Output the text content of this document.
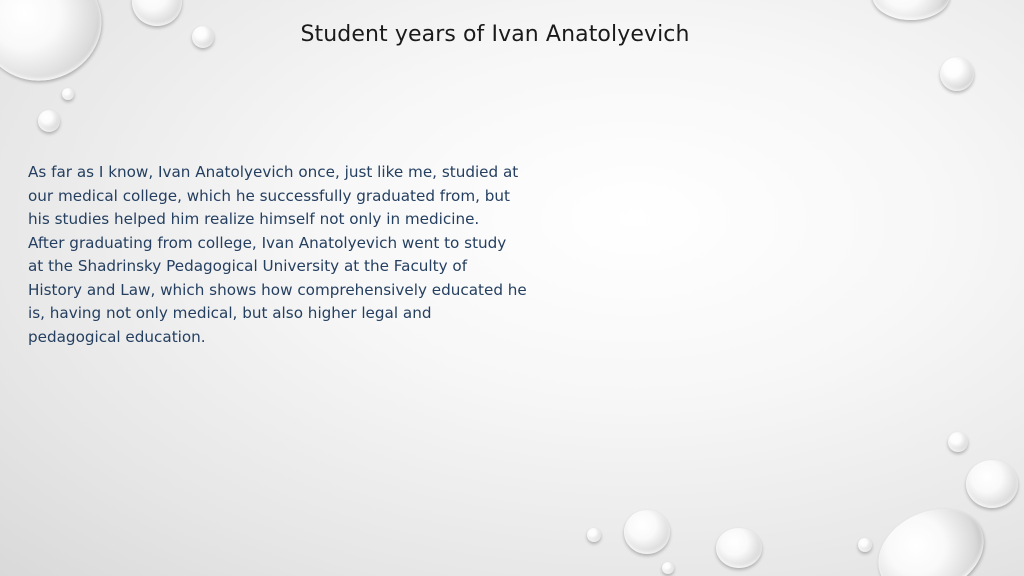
Student years of Ivan Anatolyevich
As far as I know, Ivan Anatolyevich once, just like me, studied at
our medical college, which he successfully graduated from, but
his studies helped him realize himself not only in medicine.
After graduating from college, Ivan Anatolyevich went to study
at the Shadrinsky Pedagogical University at the Faculty of
History and Law, which shows how comprehensively educated he
is, having not only medical, but also higher legal and
pedagogical education.
